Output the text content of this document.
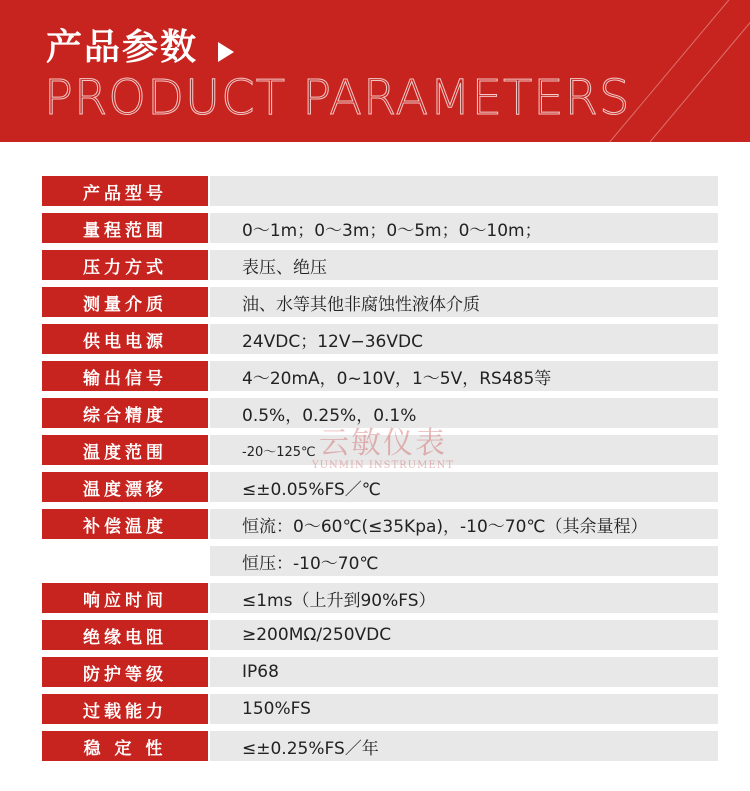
产品参数
PRODUCT PARAMETERS
产品型号
量程范围	0～1m；0～3m；0～5m；0～10m；
压力方式	表压、绝压
测量介质	油、水等其他非腐蚀性液体介质
供电电源	24VDC；12V−36VDC
输出信号	4～20mA，0~10V，1～5V，RS485等
综合精度	0.5%，0.25%，0.1%
温度范围	-20～125℃
温度漂移	≤±0.05%FS／℃
补偿温度	恒流：0～60℃(≤35Kpa)，-10～70℃（其余量程）
恒压：-10～70℃
响应时间	≤1ms（上升到90%FS）
绝缘电阻	≥200MΩ/250VDC
防护等级	IP68
过载能力	150%FS
稳 定 性	≤±0.25%FS／年
云敏仪表
YUNMIN INSTRUMENT
